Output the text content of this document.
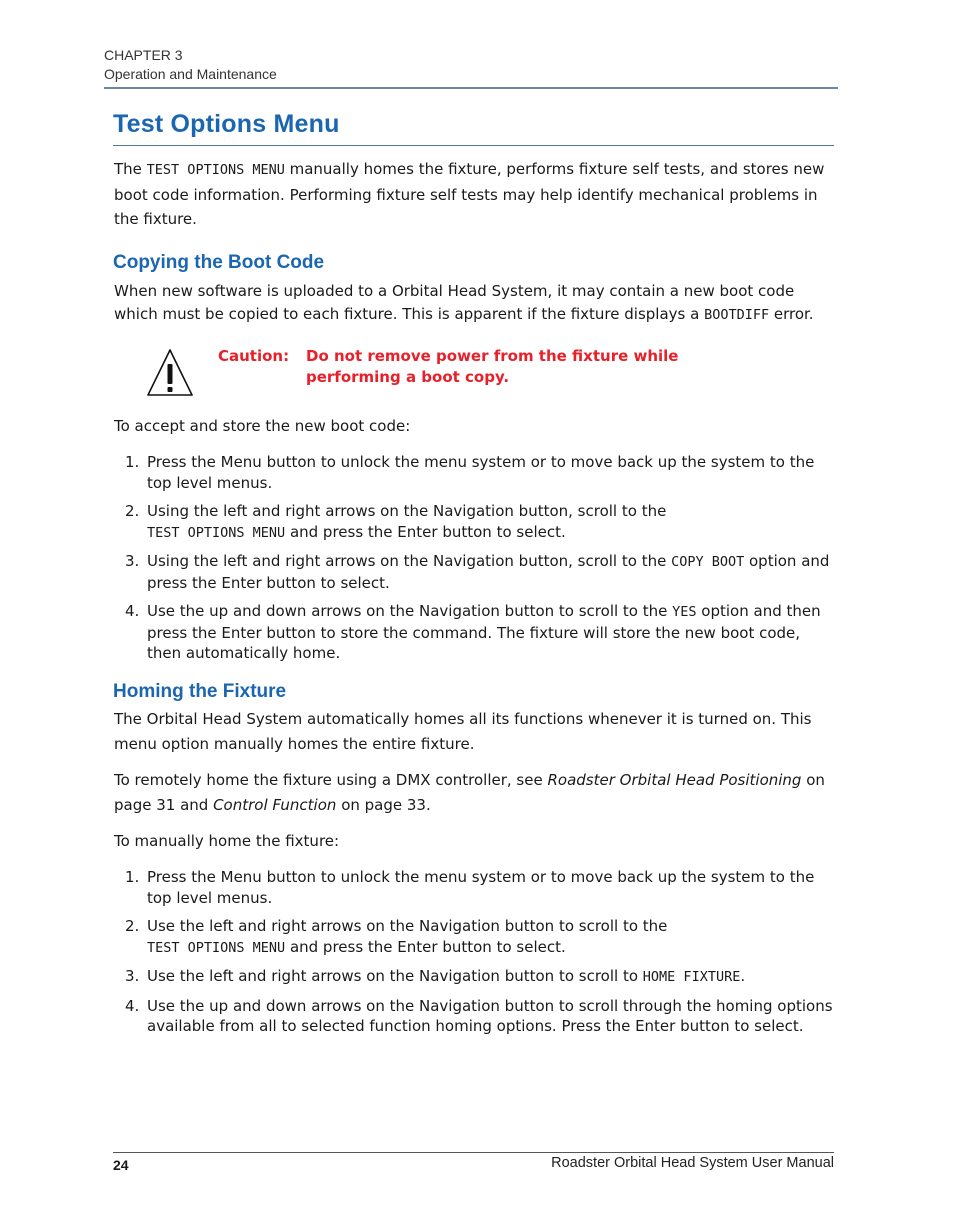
CHAPTER 3
Operation and Maintenance
Test Options Menu

The TEST OPTIONS MENU manually homes the fixture, performs fixture self tests, and stores new boot code information. Performing fixture self tests may help identify mechanical problems in the fixture.

Copying the Boot Code

When new software is uploaded to a Orbital Head System, it may contain a new boot code which must be copied to each fixture. This is apparent if the fixture displays a BOOTDIFF error.

Caution: Do not remove power from the fixture while
performing a boot copy.

To accept and store the new boot code:

1. Press the Menu button to unlock the menu system or to move back up the system to the top level menus.
2. Using the left and right arrows on the Navigation button, scroll to the
TEST OPTIONS MENU and press the Enter button to select.
3. Using the left and right arrows on the Navigation button, scroll to the COPY BOOT option and press the Enter button to select.
4. Use the up and down arrows on the Navigation button to scroll to the YES option and then press the Enter button to store the command. The fixture will store the new boot code, then automatically home.
Homing the Fixture

The Orbital Head System automatically homes all its functions whenever it is turned on. This menu option manually homes the entire fixture.

To remotely home the fixture using a DMX controller, see Roadster Orbital Head Positioning on page 31 and Control Function on page 33.

To manually home the fixture:

1. Press the Menu button to unlock the menu system or to move back up the system to the top level menus.
2. Use the left and right arrows on the Navigation button to scroll to the
TEST OPTIONS MENU and press the Enter button to select.
3. Use the left and right arrows on the Navigation button to scroll to HOME FIXTURE.
4. Use the up and down arrows on the Navigation button to scroll through the homing options available from all to selected function homing options. Press the Enter button to select.
24	Roadster Orbital Head System User Manual
